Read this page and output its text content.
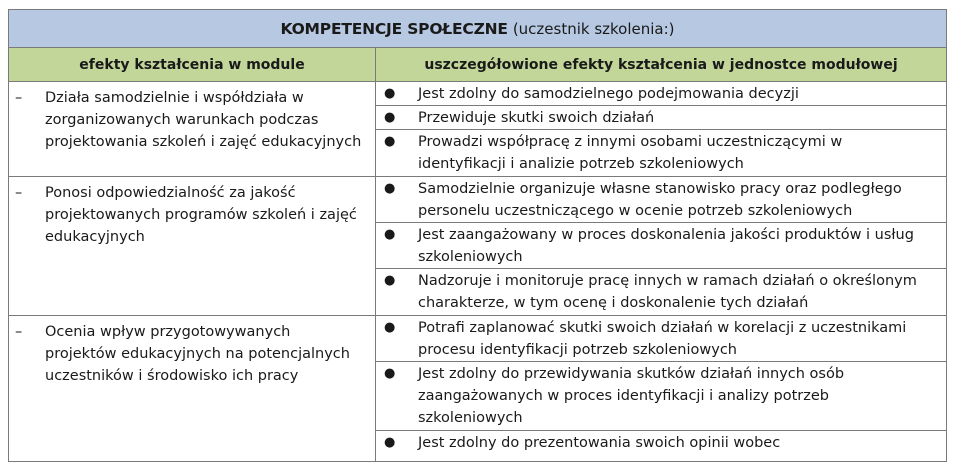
KOMPETENCJE SPOŁECZNE (uczestnik szkolenia:)
efekty kształcenia w module	uszczegółowione efekty kształcenia w jednostce modułowej
– Działa samodzielnie i współdziała w
zorganizowanych warunkach podczas
projektowania szkoleń i zajęć edukacyjnych
● Jest zdolny do samodzielnego podejmowania decyzji
● Przewiduje skutki swoich działań
● Prowadzi współpracę z innymi osobami uczestniczącymi w
identyfikacji i analizie potrzeb szkoleniowych
– Ponosi odpowiedzialność za jakość
projektowanych programów szkoleń i zajęć
edukacyjnych
● Samodzielnie organizuje własne stanowisko pracy oraz podległego
personelu uczestniczącego w ocenie potrzeb szkoleniowych
● Jest zaangażowany w proces doskonalenia jakości produktów i usług
szkoleniowych
● Nadzoruje i monitoruje pracę innych w ramach działań o określonym
charakterze, w tym ocenę i doskonalenie tych działań
– Ocenia wpływ przygotowywanych
projektów edukacyjnych na potencjalnych
uczestników i środowisko ich pracy
● Potrafi zaplanować skutki swoich działań w korelacji z uczestnikami
procesu identyfikacji potrzeb szkoleniowych
● Jest zdolny do przewidywania skutków działań innych osób
zaangażowanych w proces identyfikacji i analizy potrzeb
szkoleniowych
● Jest zdolny do prezentowania swoich opinii wobec
